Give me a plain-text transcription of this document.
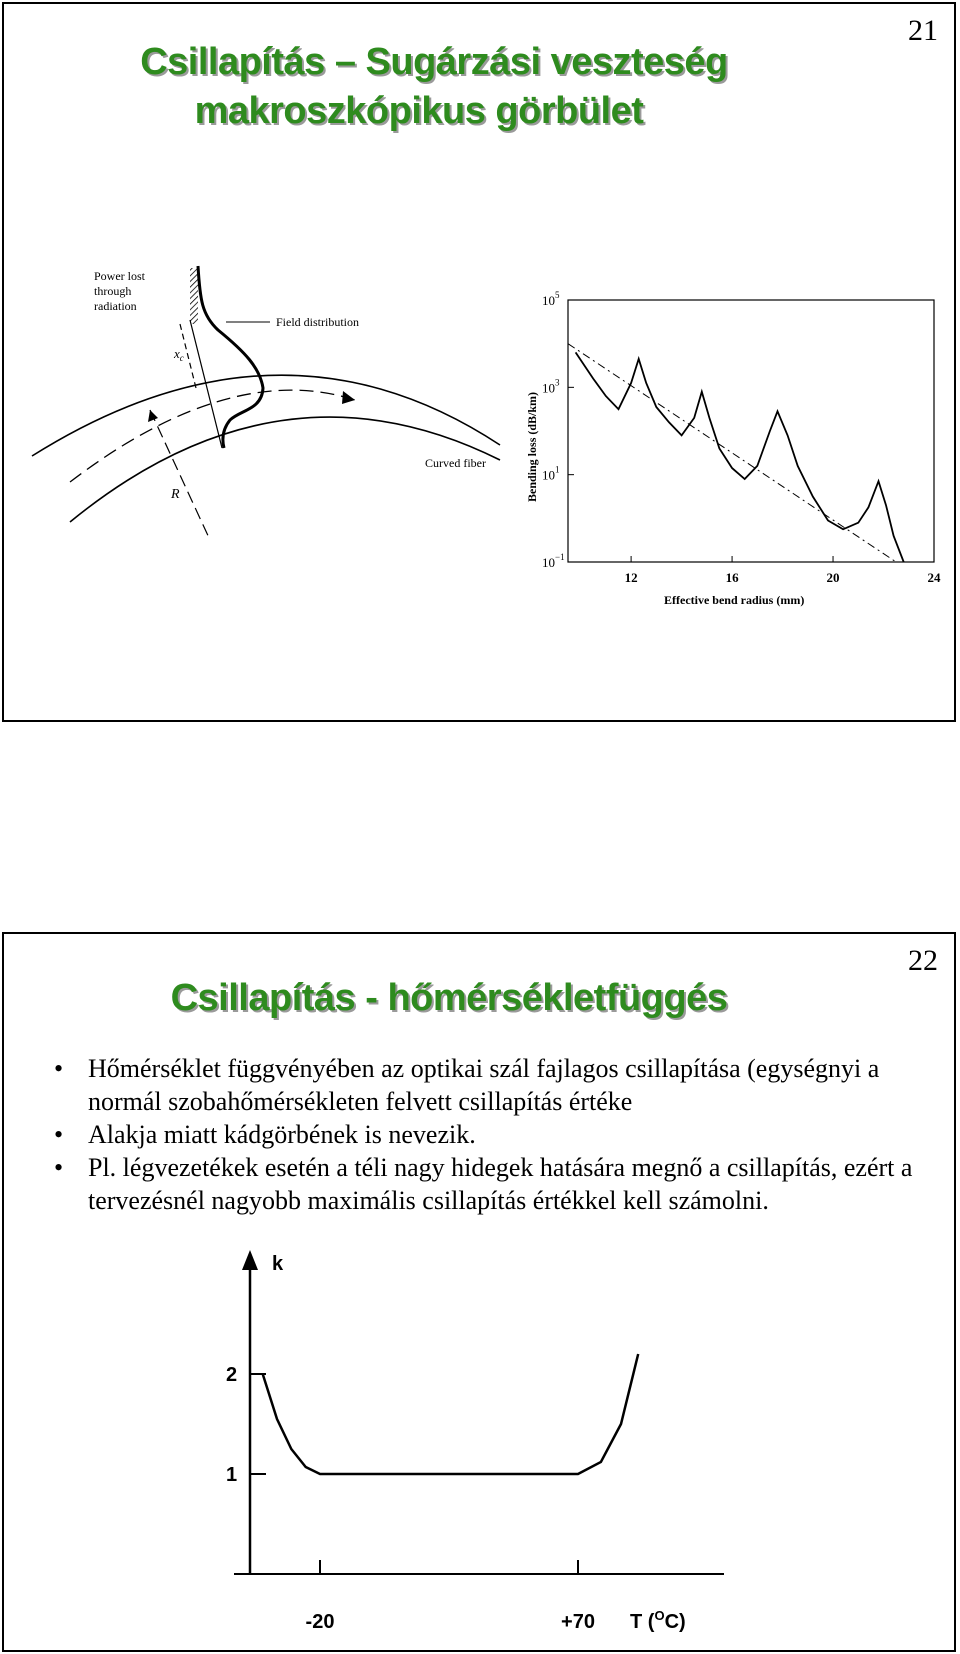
21
Csillapítás – Sugárzási veszteség
makroszkópikus görbület
Power lost
through
radiation
Field distribution
$x_c$
R
Curved fiber
$10^5$
$10^3$
$10^1$
$10^{-1}$
12	16	20	24
Bending loss (dB/km)
Effective bend radius (mm)
22
Csillapítás - hőmérsékletfüggés
• Hőmérséklet függvényében az optikai szál fajlagos csillapítása (egységnyi a normál szobahőmérsékleten felvett csillapítás értéke
• Alakja miatt kádgörbének is nevezik.
• Pl. légvezetékek esetén a téli nagy hidegek hatására megnő a csillapítás, ezért a tervezésnél nagyobb maximális csillapítás értékkel kell számolni.
2
1
-20	+70
k
T ($^O$C)
